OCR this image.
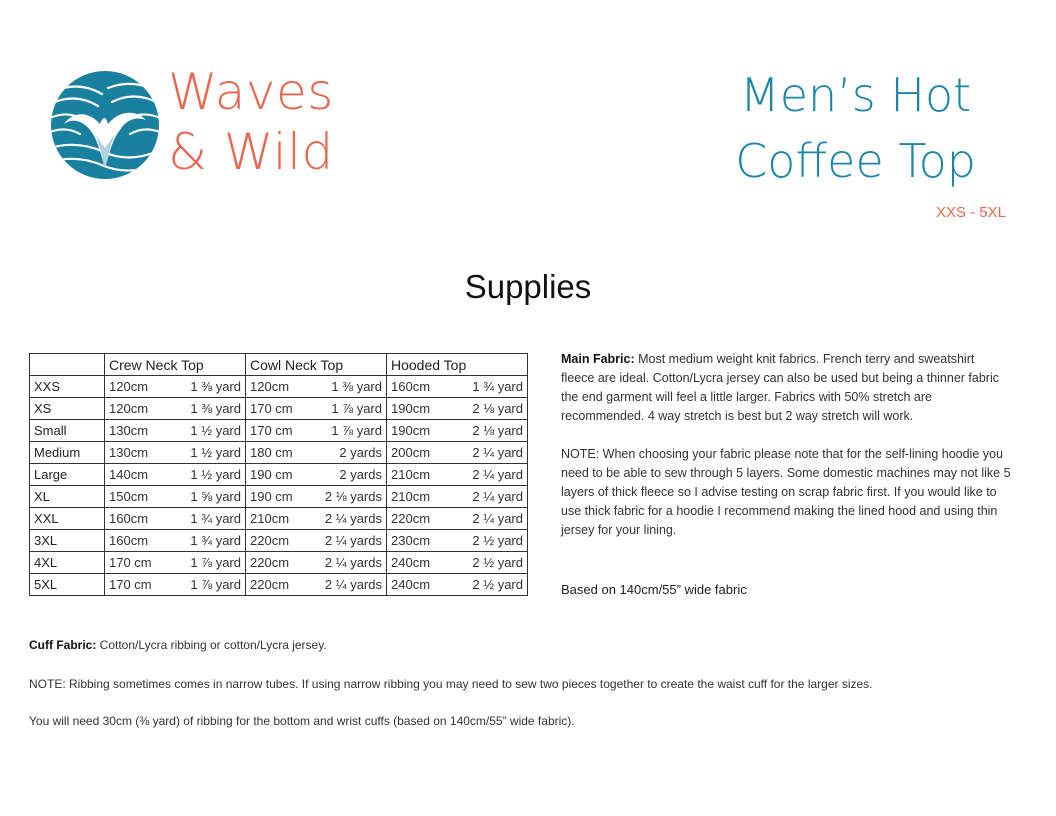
Waves
& Wild
Men’s Hot
Coffee Top
XXS - 5XL
Supplies
	Crew Neck Top		Cowl Neck Top		Hooded Top	
XXS	120cm	1 ⅜ yard	120cm	1 ⅜ yard	160cm	1 ¾ yard
XS	120cm	1 ⅜ yard	170 cm	1 ⅞ yard	190cm	2 ⅛ yard
Small	130cm	1 ½ yard	170 cm	1 ⅞ yard	190cm	2 ⅛ yard
Medium	130cm	1 ½ yard	180 cm	2 yards	200cm	2 ¼ yard
Large	140cm	1 ½ yard	190 cm	2 yards	210cm	2 ¼ yard
XL	150cm	1 ⅝ yard	190 cm	2 ⅛ yards	210cm	2 ¼ yard
XXL	160cm	1 ¾ yard	210cm	2 ¼ yards	220cm	2 ¼ yard
3XL	160cm	1 ¾ yard	220cm	2 ¼ yards	230cm	2 ½ yard
4XL	170 cm	1 ⅞ yard	220cm	2 ¼ yards	240cm	2 ½ yard
5XL	170 cm	1 ⅞ yard	220cm	2 ¼ yards	240cm	2 ½ yard

Main Fabric: Most medium weight knit fabrics. French terry and sweatshirt fleece are ideal. Cotton/Lycra jersey can also be used but being a thinner fabric the end garment will feel a little larger. Fabrics with 50% stretch are recommended. 4 way stretch is best but 2 way stretch will work.

NOTE: When choosing your fabric please note that for the self-lining hoodie you need to be able to sew through 5 layers. Some domestic machines may not like 5 layers of thick fleece so I advise testing on scrap fabric first. If you would like to use thick fabric for a hoodie I recommend making the lined hood and using thin jersey for your lining.

Based on 140cm/55” wide fabric
Cuff Fabric: Cotton/Lycra ribbing or cotton/Lycra jersey.
NOTE: Ribbing sometimes comes in narrow tubes. If using narrow ribbing you may need to sew two pieces together to create the waist cuff for the larger sizes.
You will need 30cm (⅜ yard) of ribbing for the bottom and wrist cuffs (based on 140cm/55” wide fabric).
